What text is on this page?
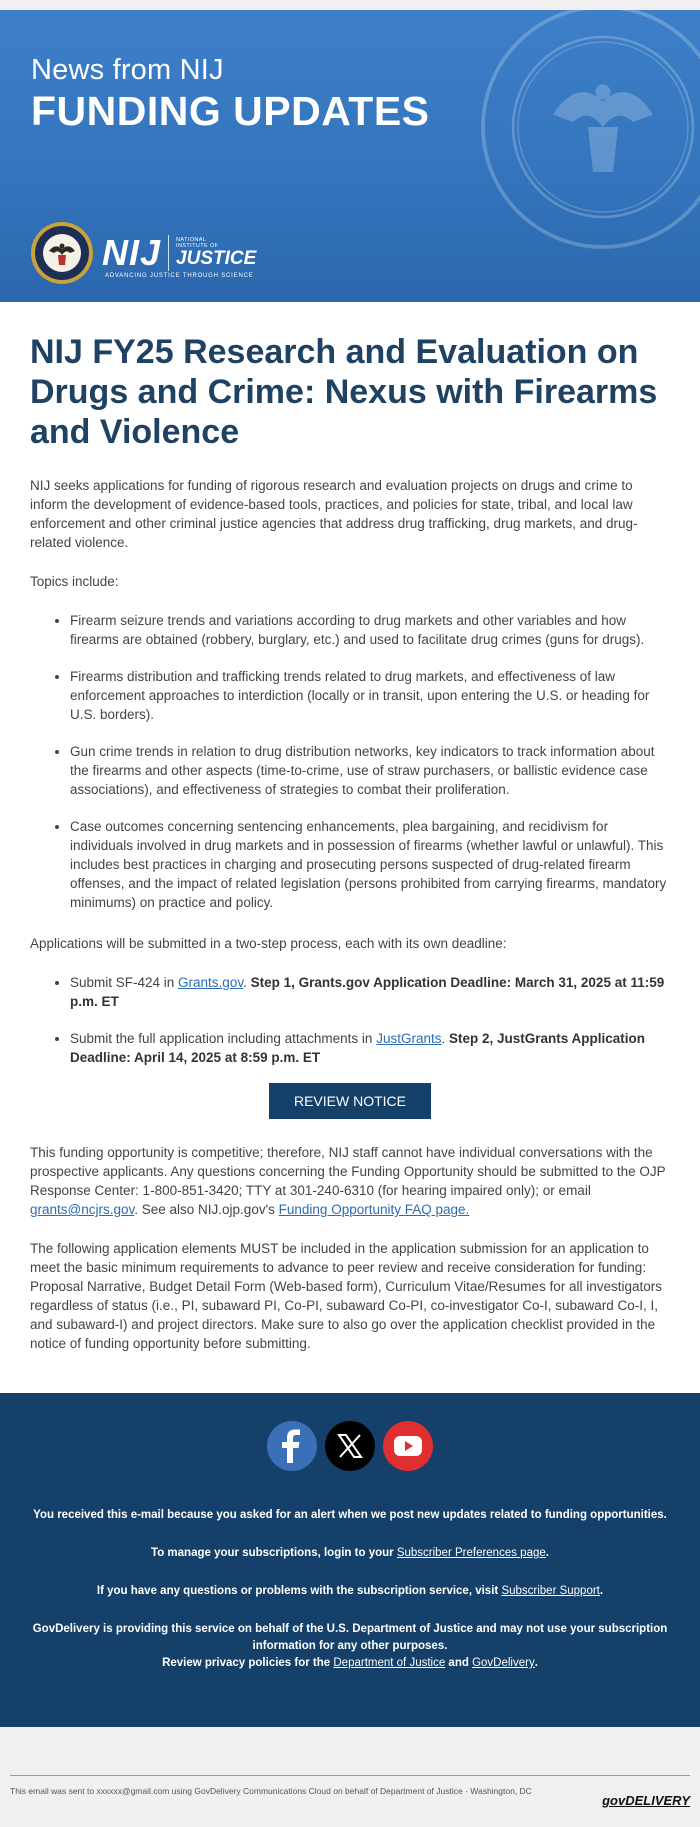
News from NIJ
FUNDING UPDATES
NIJ	NATIONAL
INSTITUTE OF
JUSTICE
ADVANCING JUSTICE THROUGH SCIENCE
NIJ FY25 Research and Evaluation on Drugs and Crime: Nexus with Firearms and Violence

NIJ seeks applications for funding of rigorous research and evaluation projects on drugs and crime to inform the development of evidence-based tools, practices, and policies for state, tribal, and local law enforcement and other criminal justice agencies that address drug trafficking, drug markets, and drug-related violence.

Topics include:

• Firearm seizure trends and variations according to drug markets and other variables and how firearms are obtained (robbery, burglary, etc.) and used to facilitate drug crimes (guns for drugs).
• Firearms distribution and trafficking trends related to drug markets, and effectiveness of law enforcement approaches to interdiction (locally or in transit, upon entering the U.S. or heading for U.S. borders).
• Gun crime trends in relation to drug distribution networks, key indicators to track information about the firearms and other aspects (time-to-crime, use of straw purchasers, or ballistic evidence case associations), and effectiveness of strategies to combat their proliferation.
• Case outcomes concerning sentencing enhancements, plea bargaining, and recidivism for individuals involved in drug markets and in possession of firearms (whether lawful or unlawful). This includes best practices in charging and prosecuting persons suspected of drug-related firearm offenses, and the impact of related legislation (persons prohibited from carrying firearms, mandatory minimums) on practice and policy.

Applications will be submitted in a two-step process, each with its own deadline:

• Submit SF-424 in Grants.gov. Step 1, Grants.gov Application Deadline: March 31, 2025 at 11:59 p.m. ET
• Submit the full application including attachments in JustGrants. Step 2, JustGrants Application Deadline: April 14, 2025 at 8:59 p.m. ET
REVIEW NOTICE

This funding opportunity is competitive; therefore, NIJ staff cannot have individual conversations with the prospective applicants. Any questions concerning the Funding Opportunity should be submitted to the OJP Response Center: 1-800-851-3420; TTY at 301-240-6310 (for hearing impaired only); or email grants@ncjrs.gov. See also NIJ.ojp.gov's Funding Opportunity FAQ page.

The following application elements MUST be included in the application submission for an application to meet the basic minimum requirements to advance to peer review and receive consideration for funding: Proposal Narrative, Budget Detail Form (Web-based form), Curriculum Vitae/Resumes for all investigators regardless of status (i.e., PI, subaward PI, Co-PI, subaward Co-PI, co-investigator Co-I, subaward Co-I, I, and subaward-I) and project directors. Make sure to also go over the application checklist provided in the notice of funding opportunity before submitting.

You received this e-mail because you asked for an alert when we post new updates related to funding opportunities.

To manage your subscriptions, login to your Subscriber Preferences page.

If you have any questions or problems with the subscription service, visit Subscriber Support.

GovDelivery is providing this service on behalf of the U.S. Department of Justice and may not use your subscription information for any other purposes.
Review privacy policies for the Department of Justice and GovDelivery.

This email was sent to xxxxxx@gmail.com using GovDelivery Communications Cloud on behalf of Department of Justice · Washington, DC
govDELIVERY
